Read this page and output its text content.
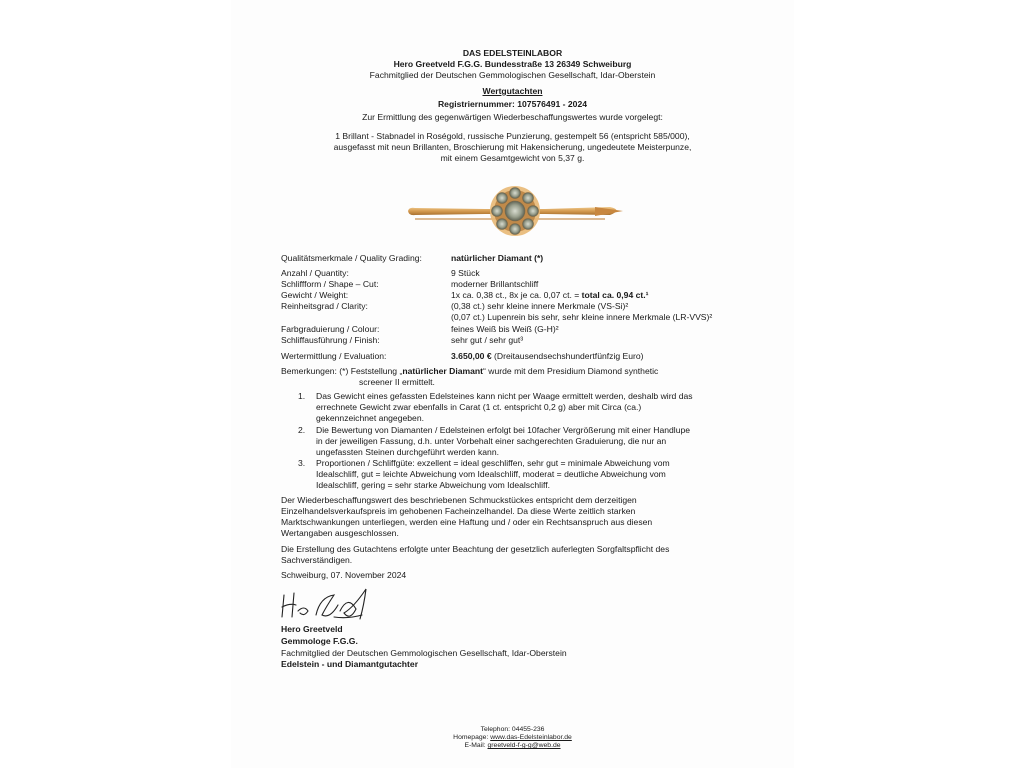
DAS EDELSTEINLABOR
Hero Greetveld F.G.G. Bundesstraße 13 26349 Schweiburg
Fachmitglied der Deutschen Gemmologischen Gesellschaft, Idar-Oberstein
Wertgutachten
Registriernummer: 107576491 - 2024
Zur Ermittlung des gegenwärtigen Wiederbeschaffungswertes wurde vorgelegt:
1 Brillant - Stabnadel in Roségold, russische Punzierung, gestempelt 56 (entspricht 585/000),
ausgefasst mit neun Brillanten, Broschierung mit Hakensicherung, ungedeutete Meisterpunze,
mit einem Gesamtgewicht von 5,37 g.
Qualitätsmerkmale / Quality Grading:	natürlicher Diamant (*)
Anzahl / Quantity:	9 Stück
Schliffform / Shape – Cut:	moderner Brillantschliff
Gewicht / Weight:	1x ca. 0,38 ct., 8x je ca. 0,07 ct. = total ca. 0,94 ct.¹
Reinheitsgrad / Clarity:	(0,38 ct.) sehr kleine innere Merkmale (VS-Si)²
(0,07 ct.) Lupenrein bis sehr, sehr kleine innere Merkmale (LR-VVS)²
Farbgraduierung / Colour:	feines Weiß bis Weiß (G-H)²
Schliffausführung / Finish:	sehr gut / sehr gut³
Wertermittlung / Evaluation:	3.650,00 € (Dreitausendsechshundertfünfzig Euro)
Bemerkungen: (*) Feststellung „natürlicher Diamant“ wurde mit dem Presidium Diamond synthetic
screener II ermittelt.
1. Das Gewicht eines gefassten Edelsteines kann nicht per Waage ermittelt werden, deshalb wird das
errechnete Gewicht zwar ebenfalls in Carat (1 ct. entspricht 0,2 g) aber mit Circa (ca.)
gekennzeichnet angegeben.
2. Die Bewertung von Diamanten / Edelsteinen erfolgt bei 10facher Vergrößerung mit einer Handlupe
in der jeweiligen Fassung, d.h. unter Vorbehalt einer sachgerechten Graduierung, die nur an
ungefassten Steinen durchgeführt werden kann.
3. Proportionen / Schliffgüte: exzellent = ideal geschliffen, sehr gut = minimale Abweichung vom
Idealschliff, gut = leichte Abweichung vom Idealschliff, moderat = deutliche Abweichung vom
Idealschliff, gering = sehr starke Abweichung vom Idealschliff.
Der Wiederbeschaffungswert des beschriebenen Schmuckstückes entspricht dem derzeitigen
Einzelhandelsverkaufspreis im gehobenen Facheinzelhandel. Da diese Werte zeitlich starken
Marktschwankungen unterliegen, werden eine Haftung und / oder ein Rechtsanspruch aus diesen
Wertangaben ausgeschlossen.
Die Erstellung des Gutachtens erfolgte unter Beachtung der gesetzlich auferlegten Sorgfaltspflicht des
Sachverständigen.
Schweiburg, 07. November 2024
Hero Greetveld
Gemmologe F.G.G.
Fachmitglied der Deutschen Gemmologischen Gesellschaft, Idar-Oberstein
Edelstein - und Diamantgutachter
Telephon: 04455-236
Homepage: www.das-Edelsteinlabor.de
E-Mail: greetveld-f-g-g@web.de
